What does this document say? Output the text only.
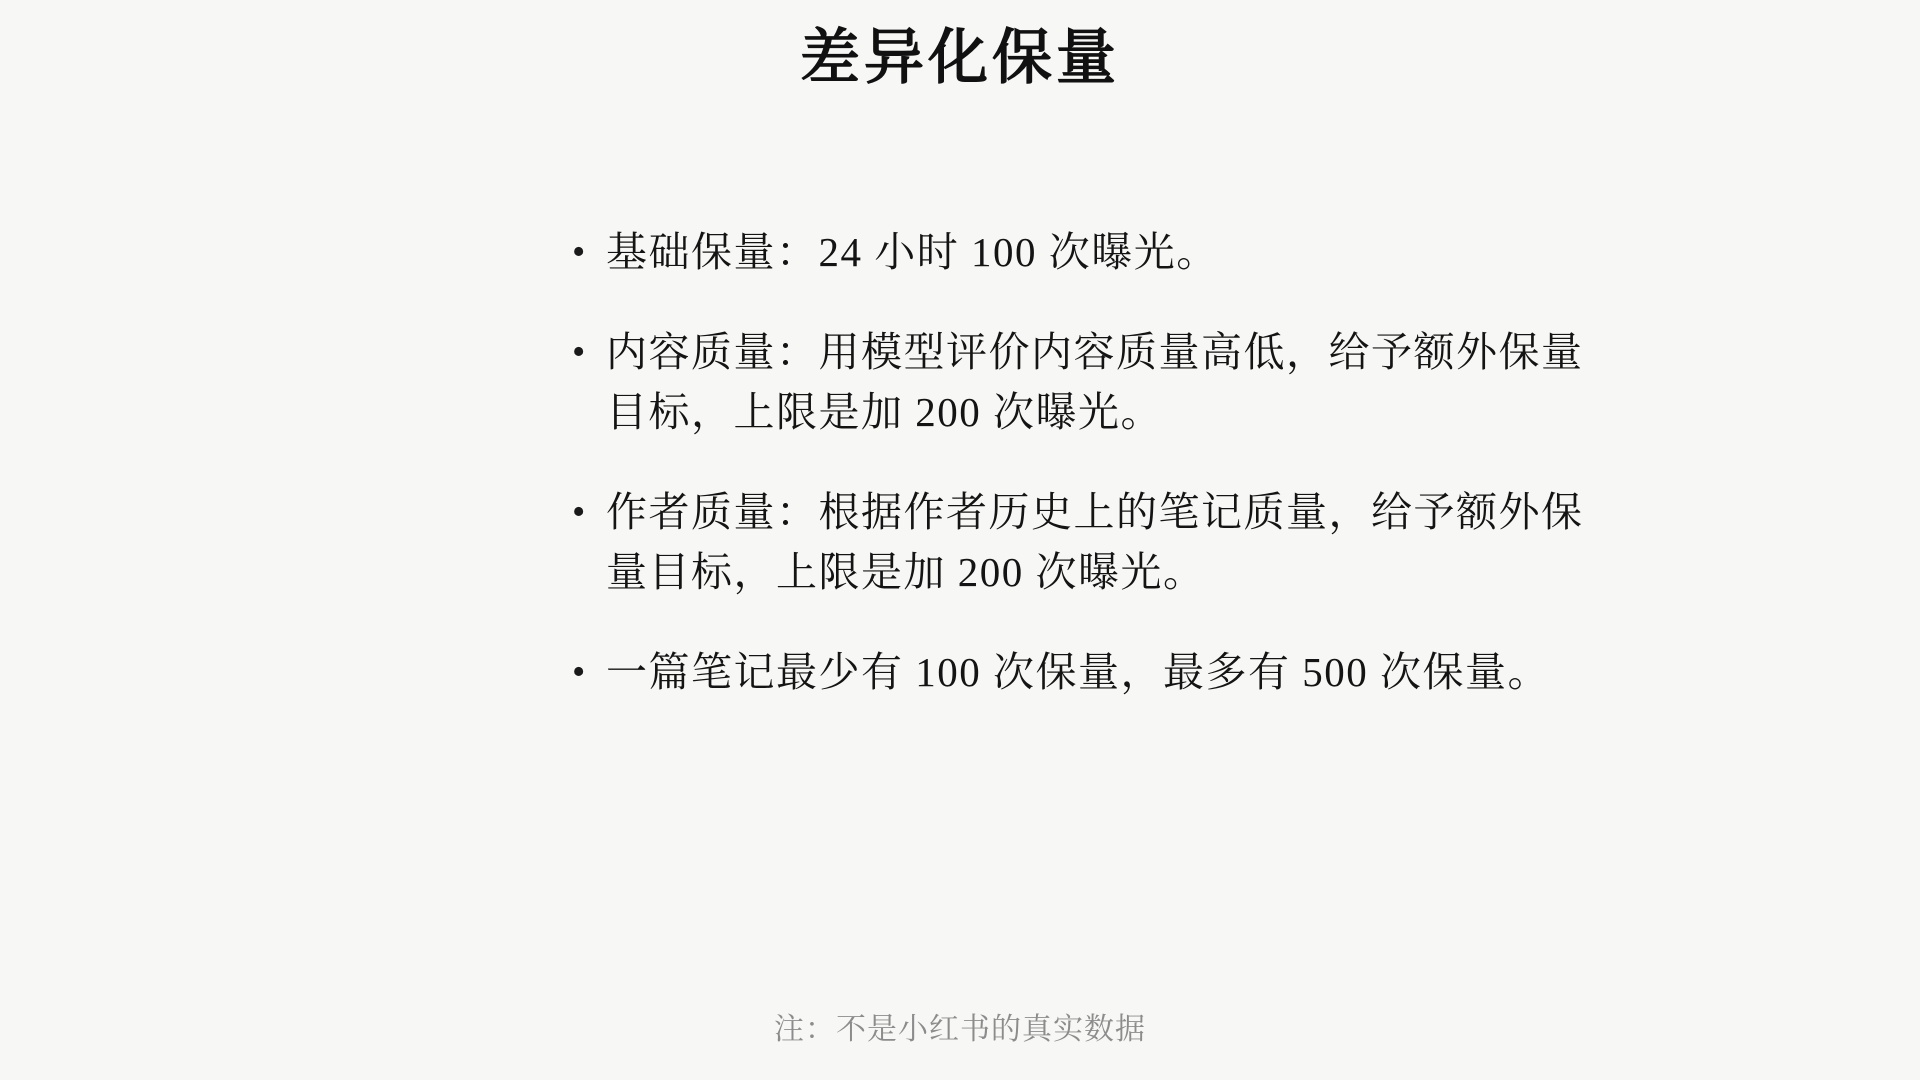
差异化保量
• 基础保量：24 小时 100 次曝光。
• 内容质量：用模型评价内容质量高低，给予额外保量目标，上限是加 200 次曝光。
• 作者质量：根据作者历史上的笔记质量，给予额外保量目标，上限是加 200 次曝光。
• 一篇笔记最少有 100 次保量，最多有 500 次保量。
注：不是小红书的真实数据
